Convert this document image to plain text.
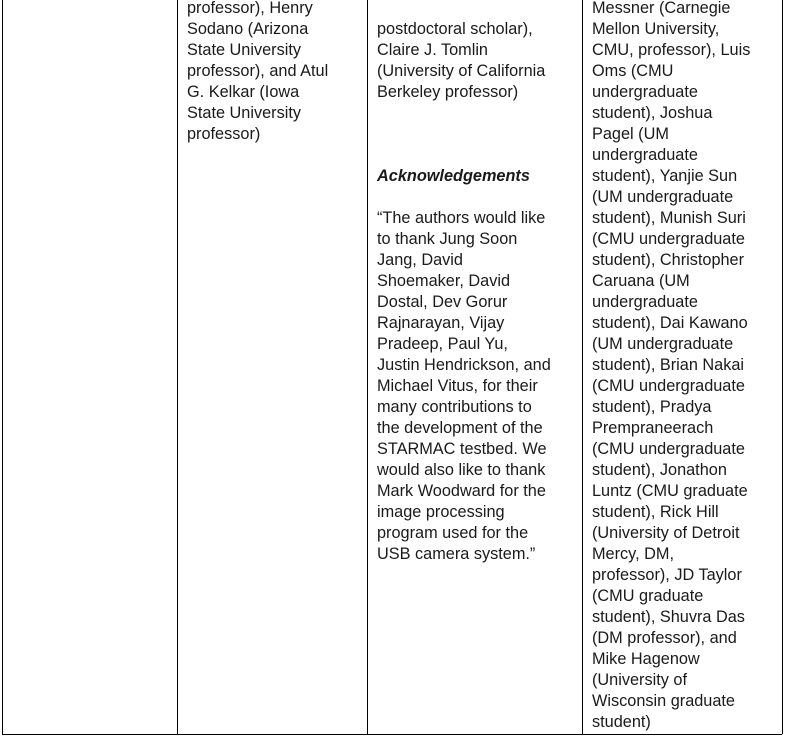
professor), Henry
Sodano (Arizona
State University
professor), and Atul
G. Kelkar (Iowa
State University
professor)

postdoctoral scholar),
Claire J. Tomlin
(University of California
Berkeley professor)

Acknowledgements

“The authors would like
to thank Jung Soon
Jang, David
Shoemaker, David
Dostal, Dev Gorur
Rajnarayan, Vijay
Pradeep, Paul Yu,
Justin Hendrickson, and
Michael Vitus, for their
many contributions to
the development of the
STARMAC testbed. We
would also like to thank
Mark Woodward for the
image processing
program used for the
USB camera system.”

Messner (Carnegie
Mellon University,
CMU, professor), Luis
Oms (CMU
undergraduate
student), Joshua
Pagel (UM
undergraduate
student), Yanjie Sun
(UM undergraduate
student), Munish Suri
(CMU undergraduate
student), Christopher
Caruana (UM
undergraduate
student), Dai Kawano
(UM undergraduate
student), Brian Nakai
(CMU undergraduate
student), Pradya
Prempraneerach
(CMU undergraduate
student), Jonathon
Luntz (CMU graduate
student), Rick Hill
(University of Detroit
Mercy, DM,
professor), JD Taylor
(CMU graduate
student), Shuvra Das
(DM professor), and
Mike Hagenow
(University of
Wisconsin graduate
student)
